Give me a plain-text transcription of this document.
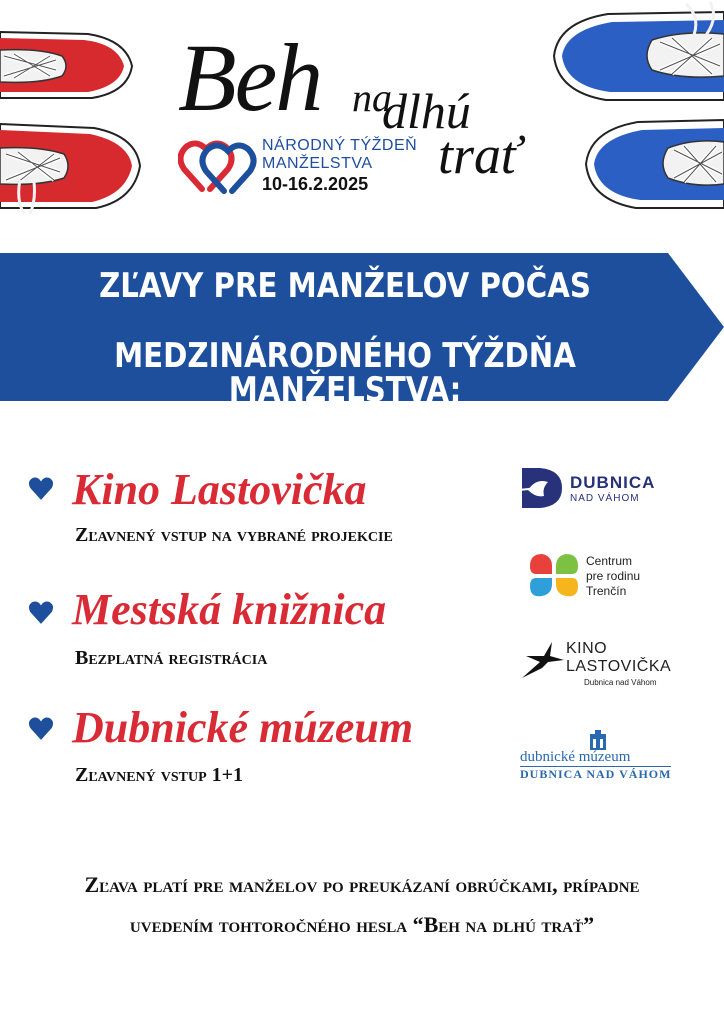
Beh na
dlhú
trať
NÁRODNÝ TÝŽDEŇ
MANŽELSTVA
10-16.2.2025
ZĽAVY PRE MANŽELOV POČAS
MEDZINÁRODNÉHO TÝŽDŇA MANŽELSTVA:
Kino Lastovička
Zľavnený vstup na vybrané projekcie
Mestská knižnica
Bezplatná registrácia
Dubnické múzeum
Zľavnený vstup 1+1
DUBNICA
NAD VÁHOM
Centrum
pre rodinu
Trenčín
KINO
LASTOVIČKA
Dubnica nad Váhom
dubnické múzeum
DUBNICA NAD VÁHOM
Zľava platí pre manželov po preukázaní obrúčkami, prípadne
uvedením tohtoročného hesla “Beh na dlhú trať”
